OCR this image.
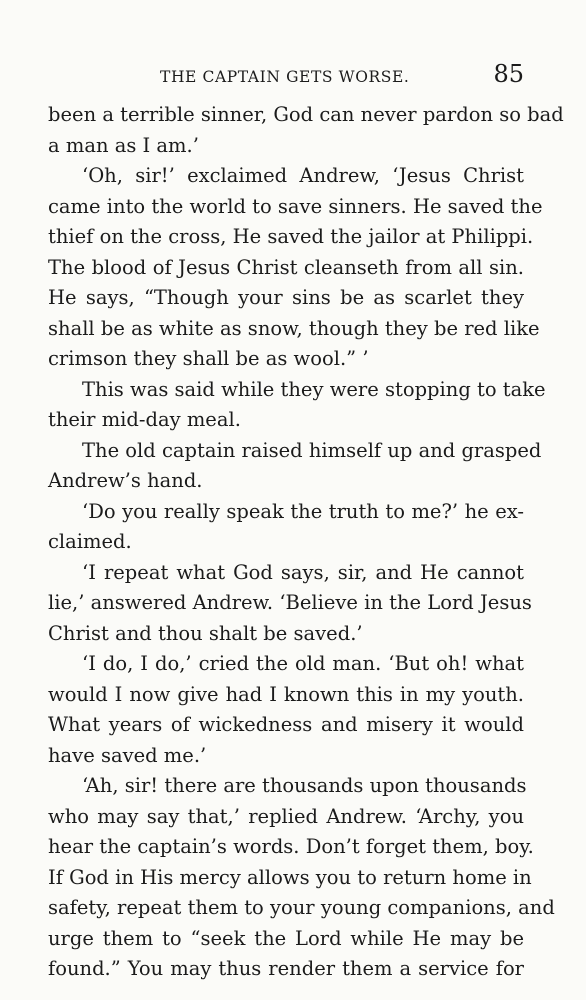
THE CAPTAIN GETS WORSE.	85
been a terrible sinner, God can never pardon so bad
a man as I am.’
‘Oh, sir!’ exclaimed Andrew, ‘Jesus Christ
came into the world to save sinners. He saved the
thief on the cross, He saved the jailor at Philippi.
The blood of Jesus Christ cleanseth from all sin.
He says, “Though your sins be as scarlet they
shall be as white as snow, though they be red like
crimson they shall be as wool.” ’
This was said while they were stopping to take
their mid-day meal.
The old captain raised himself up and grasped
Andrew’s hand.
‘Do you really speak the truth to me?’ he ex-
claimed.
‘I repeat what God says, sir, and He cannot
lie,’ answered Andrew. ‘Believe in the Lord Jesus
Christ and thou shalt be saved.’
‘I do, I do,’ cried the old man. ‘But oh! what
would I now give had I known this in my youth.
What years of wickedness and misery it would
have saved me.’
‘Ah, sir! there are thousands upon thousands
who may say that,’ replied Andrew. ‘Archy, you
hear the captain’s words. Don’t forget them, boy.
If God in His mercy allows you to return home in
safety, repeat them to your young companions, and
urge them to “seek the Lord while He may be
found.” You may thus render them a service for
